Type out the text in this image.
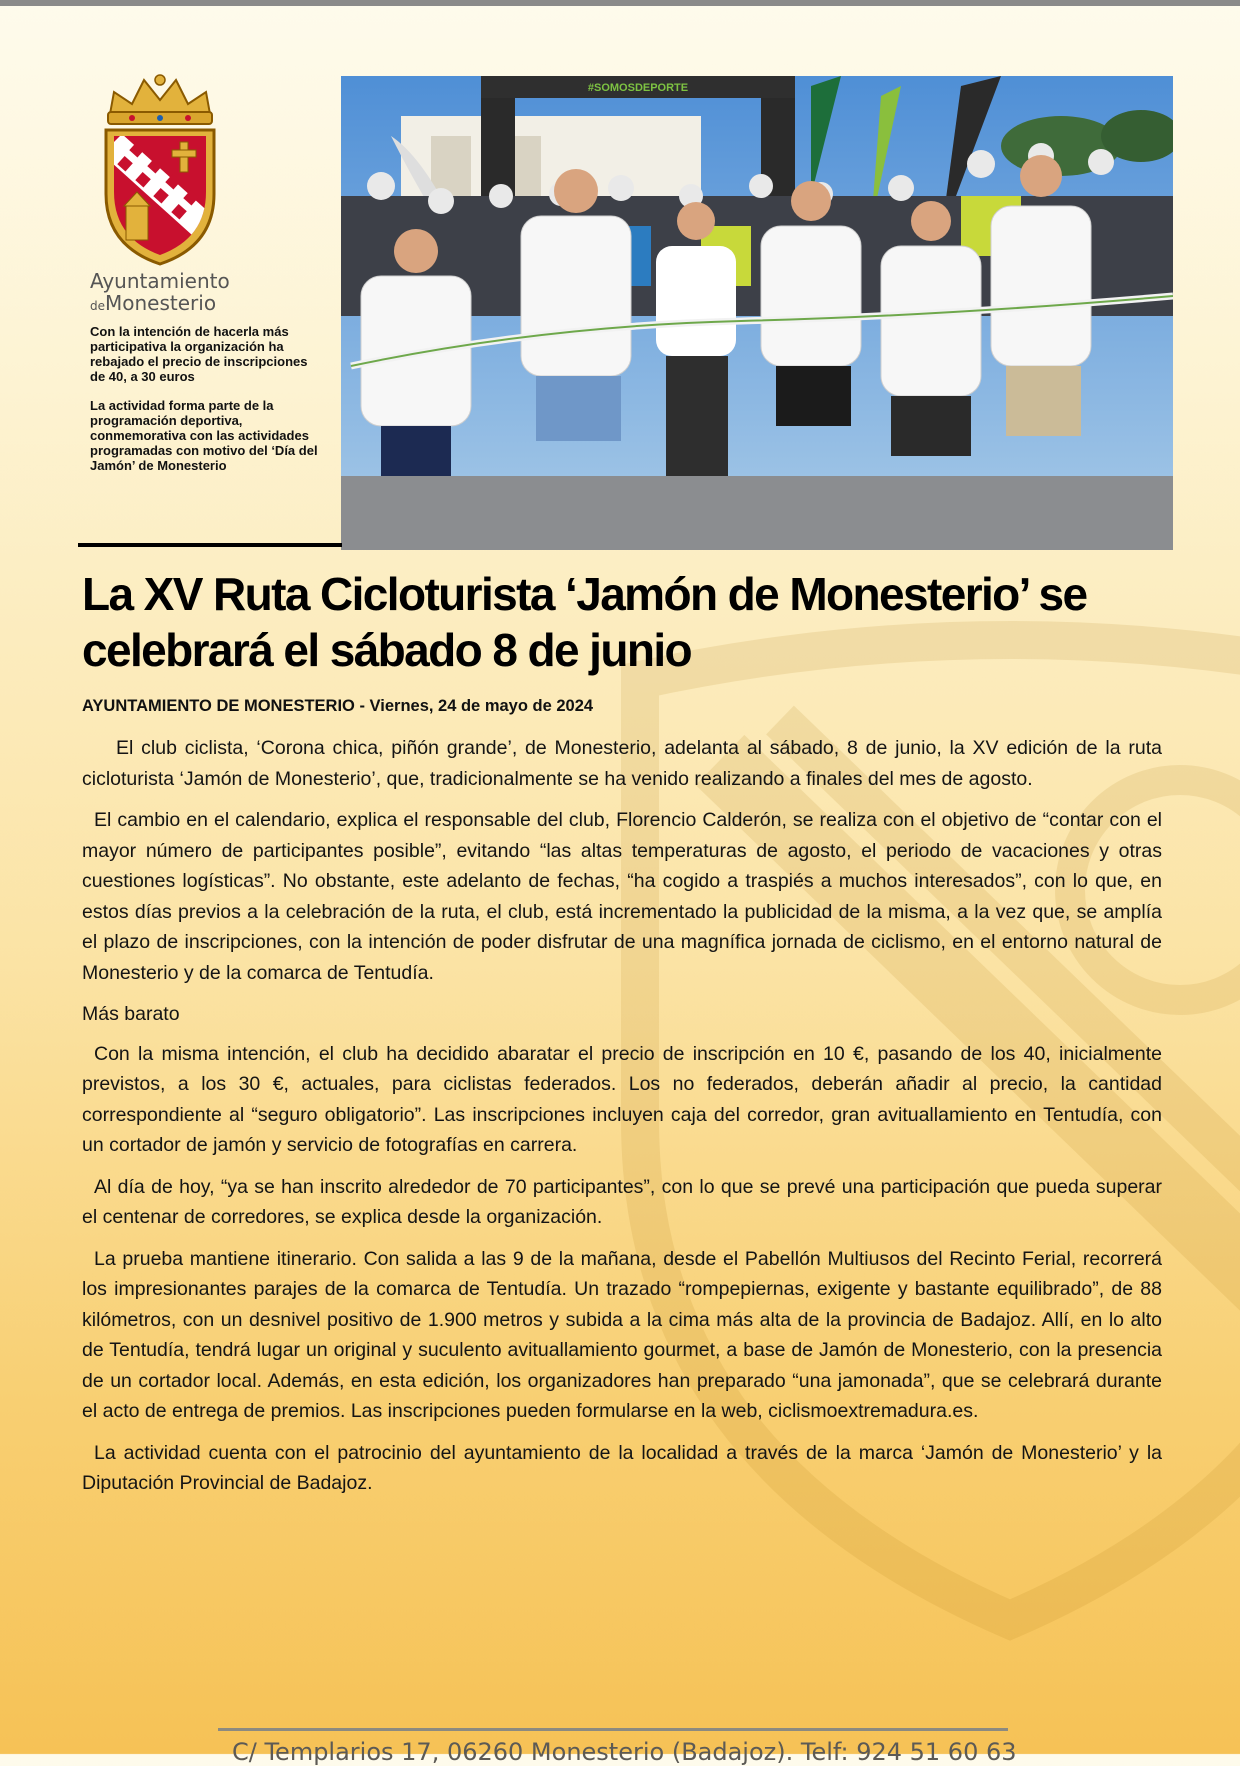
Ayuntamiento
deMonesterio

Con la intención de hacerla más participativa la organización ha rebajado el precio de inscripciones de 40, a 30 euros

La actividad forma parte de la programación deportiva, conmemorativa con las actividades programadas con motivo del ‘Día del Jamón’ de Monesterio

#SOMOSDEPORTE
La XV Ruta Cicloturista ‘Jamón de Monesterio’ se celebrará el sábado 8 de junio
AYUNTAMIENTO DE MONESTERIO - Viernes, 24 de mayo de 2024

El club ciclista, ‘Corona chica, piñón grande’, de Monesterio, adelanta al sábado, 8 de junio, la XV edición de la ruta cicloturista ‘Jamón de Monesterio’, que, tradicionalmente se ha venido realizando a finales del mes de agosto.

El cambio en el calendario, explica el responsable del club, Florencio Calderón, se realiza con el objetivo de “contar con el mayor número de participantes posible”, evitando “las altas temperaturas de agosto, el periodo de vacaciones y otras cuestiones logísticas”. No obstante, este adelanto de fechas, “ha cogido a traspiés a muchos interesados”, con lo que, en estos días previos a la celebración de la ruta, el club, está incrementado la publicidad de la misma, a la vez que, se amplía el plazo de inscripciones, con la intención de poder disfrutar de una magnífica jornada de ciclismo, en el entorno natural de Monesterio y de la comarca de Tentudía.

Más barato

Con la misma intención, el club ha decidido abaratar el precio de inscripción en 10 €, pasando de los 40, inicialmente previstos, a los 30 €, actuales, para ciclistas federados. Los no federados, deberán añadir al precio, la cantidad correspondiente al “seguro obligatorio”. Las inscripciones incluyen caja del corredor, gran avituallamiento en Tentudía, con un cortador de jamón y servicio de fotografías en carrera.

Al día de hoy, “ya se han inscrito alrededor de 70 participantes”, con lo que se prevé una participación que pueda superar el centenar de corredores, se explica desde la organización.

La prueba mantiene itinerario. Con salida a las 9 de la mañana, desde el Pabellón Multiusos del Recinto Ferial, recorrerá los impresionantes parajes de la comarca de Tentudía. Un trazado “rompepiernas, exigente y bastante equilibrado”, de 88 kilómetros, con un desnivel positivo de 1.900 metros y subida a la cima más alta de la provincia de Badajoz. Allí, en lo alto de Tentudía, tendrá lugar un original y suculento avituallamiento gourmet, a base de Jamón de Monesterio, con la presencia de un cortador local. Además, en esta edición, los organizadores han preparado “una jamonada”, que se celebrará durante el acto de entrega de premios. Las inscripciones pueden formularse en la web, ciclismoextremadura.es.

La actividad cuenta con el patrocinio del ayuntamiento de la localidad a través de la marca ‘Jamón de Monesterio’ y la Diputación Provincial de Badajoz.

C/ Templarios 17, 06260 Monesterio (Badajoz). Telf: 924 51 60 63
